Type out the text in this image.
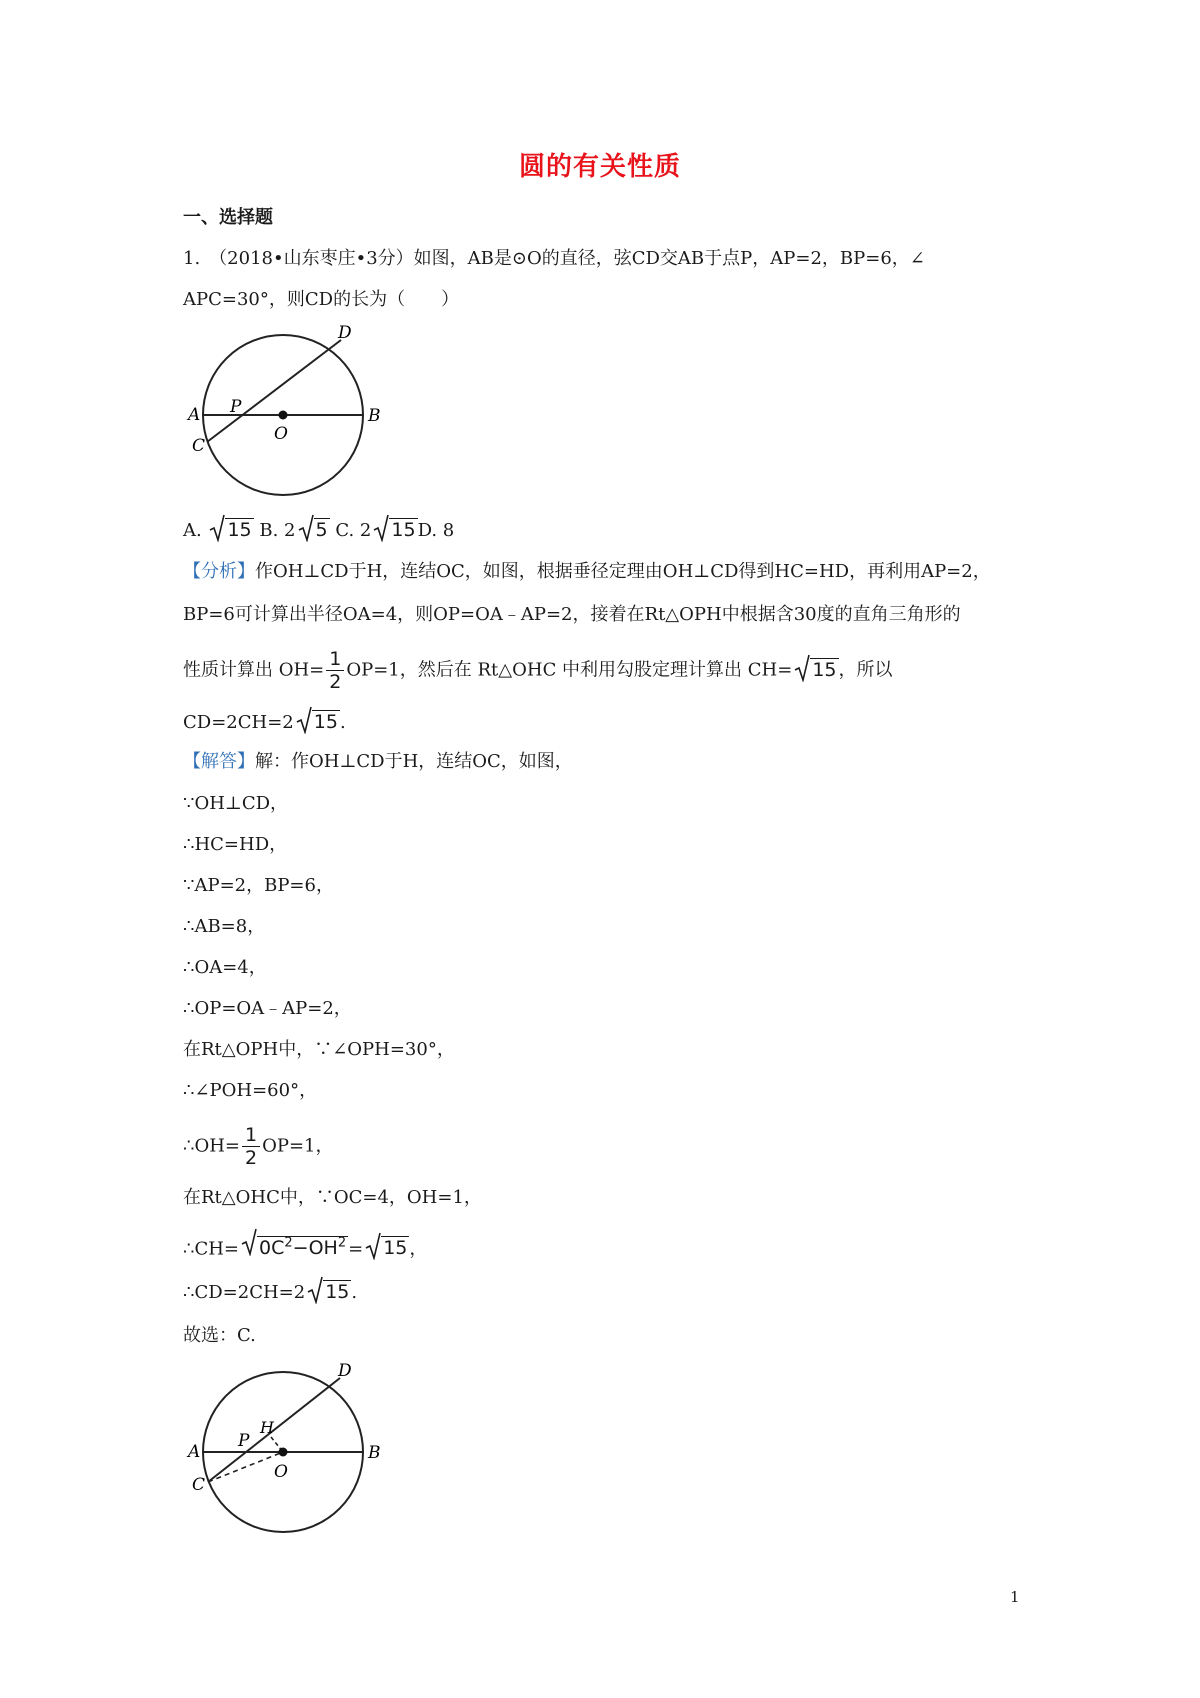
圆的有关性质
一、选择题
1.　（2018•山东枣庄•3分）如图，AB是⊙O的直径，弦CD交AB于点P，AP=2，BP=6，∠
APC=30°，则CD的长为（　　）
D
P
A	B
O
C
A. 15 B. 2 5 C. 2 15 D. 8
【分析】作OH⊥CD于H，连结OC，如图，根据垂径定理由OH⊥CD得到HC=HD，再利用AP=2，
BP=6可计算出半径OA=4，则OP=OA﹣AP=2，接着在Rt△OPH中根据含30度的直角三角形的
性质计算出 $OH= \frac{1}{2} OP=1$，然后在 Rt△OHC 中利用勾股定理计算出 CH= 15 ，所以
CD=2CH=2 15 .
【解答】解：作OH⊥CD于H，连结OC，如图，
∵OH⊥CD，
∴HC=HD，
∵AP=2，BP=6，
∴AB=8，
∴OA=4，
∴OP=OA﹣AP=2，
在Rt△OPH中，∵∠OPH=30°，
∴∠POH=60°，
∴OH= $\frac{1}{2} OP=1$，
在Rt△OHC中，∵OC=4，OH=1，
∴CH= $0C^2-OH^2 = 15$ ，
∴CD=2CH=2 15 .
故选：C.
D
P
H
A	B
O
C
1
